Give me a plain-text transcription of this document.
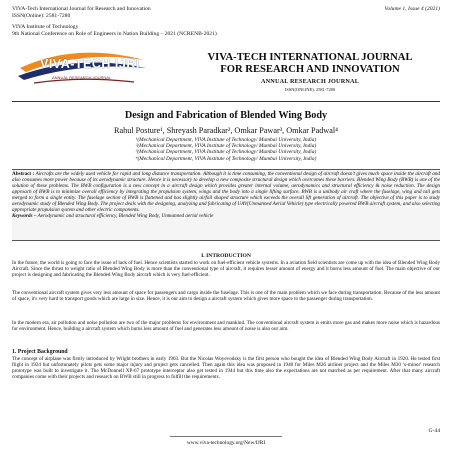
VIVA-Tech International Journal for Research and Innovation
ISSN(Online): 2581-7280
Volume 1, Issue 4 (2021)
VIVA Institute of Technology
9th National Conference on Role of Engineers in Nation Building – 2021 (NCRENB-2021)
VIVA-TECH IJRI
ANNUAL RESEARCH JOURNAL
VIVA-TECH INTERNATIONAL JOURNAL
FOR RESEARCH AND INNOVATION
ANNUAL RESEARCH JOURNAL
ISSN(ONLINE): 2581-7280
Design and Fabrication of Blended Wing Body
Rahul Posture¹, Shreyash Paradkar², Omkar Pawar³, Omkar Padwal⁴
¹(Mechanical Department, VIVA Institute of Technology/ Mumbai University, India)
²(Mechanical Department, VIVA Institute of Technology/ Mumbai University, India)
³(Mechanical Department, VIVA Institute of Technology/ Mumbai University, India)
⁴(Mechanical Department, VIVA Institute of Technology/ Mumbai University, India)
Abstract : Aircrafts are the widely used vehicle for rapid and long distance transportation. Although it is time consuming, the conventional design of aircraft doesn't gives much space inside the aircraft and also consumes more power because of its aerodynamic structure. Hence it is necessary to develop a new composite structural design which overcomes these barriers. Blended Wing Body (BWB) is one of the solution of these problems. The BWB configuration is a new concept in a aircraft design which provides greater internal volume, aerodynamics and structural efficiency & noise reduction. The design approach of BWB is to minimize overall efficiency by integrating the propulsion system, wings and the body into a single lifting surface. BWB is a unibody air craft where the fuselage, wing and tail gets merged to form a single entity. The fuselage section of BWB is flattened and has slightly airfoil shaped structure which exceeds the overall lift generation of aircraft. The objective of this paper is to study aerodynamic study of Blended Wing Body. The project deals with the designing, analyzing and fabricating of UAV(Unmanned Aerial Vehicle) type electrically powered BWB aircraft system, and also selecting appropriate propulsion system and other electric components.
Keywords – Aerodynamic and structural efficiency, Blended Wing Body, Unmanned aerial vehicle
I. INTRODUCTION
In the future, the world is going to face the issue of lack of fuel. Hence scientists started to work on fuel-efficient vehicle systems. In a aviation field scientists are come up with the idea of Blended Wing Body Aircraft. Since the thrust to weight ratio of Blended Wing Body is more than the conventional type of aircraft, it requires lesser amount of energy and it burns less amount of fuel. The main objective of our project is designing and fabricating the Blended Wing Body aircraft which is very fuel-efficient.
The conventional aircraft system gives very less amount of space for passengers and cargo inside the fuselage. This is one of the main problem which we face during transportation. Because of the less amount of space, it's very hard to transport goods which are large in size. Hence, it is our aim to design a aircraft system which gives more space to the passenger during transportation.
In the modern era, air pollution and noise pollution are two of the major problems for environment and mankind. The conventional aircraft system is emits more gas and makes more noise which is hazardous for environment. Hence, building a aircraft system which burns less amount of fuel and generates less amount of noise is also our aim.
1. Project Background
The concept of airplane was firstly introduced by Wright brothers in early 1903. But the Nicolas Woyevodsky is the first person who bought the idea of Blended Wing Body Aircraft in 1920. He tested first flight in 1924 but unfortunately pilots gets some major injury and project gets cancelled. Then again this idea was proposed in 1940 for Miles M26 airliner project and the Miles M30 'x-minor' research prototype was built to investigate it. The McDonnell XP-67 prototype interceptor also get tested in 1944 but this time also the expectations are not matched as per requirement. After that many aircraft companies come with their projects and research on BWB still in progress to fulfill the requirements.
G-44
www.viva-technology.org/New/IJRI
